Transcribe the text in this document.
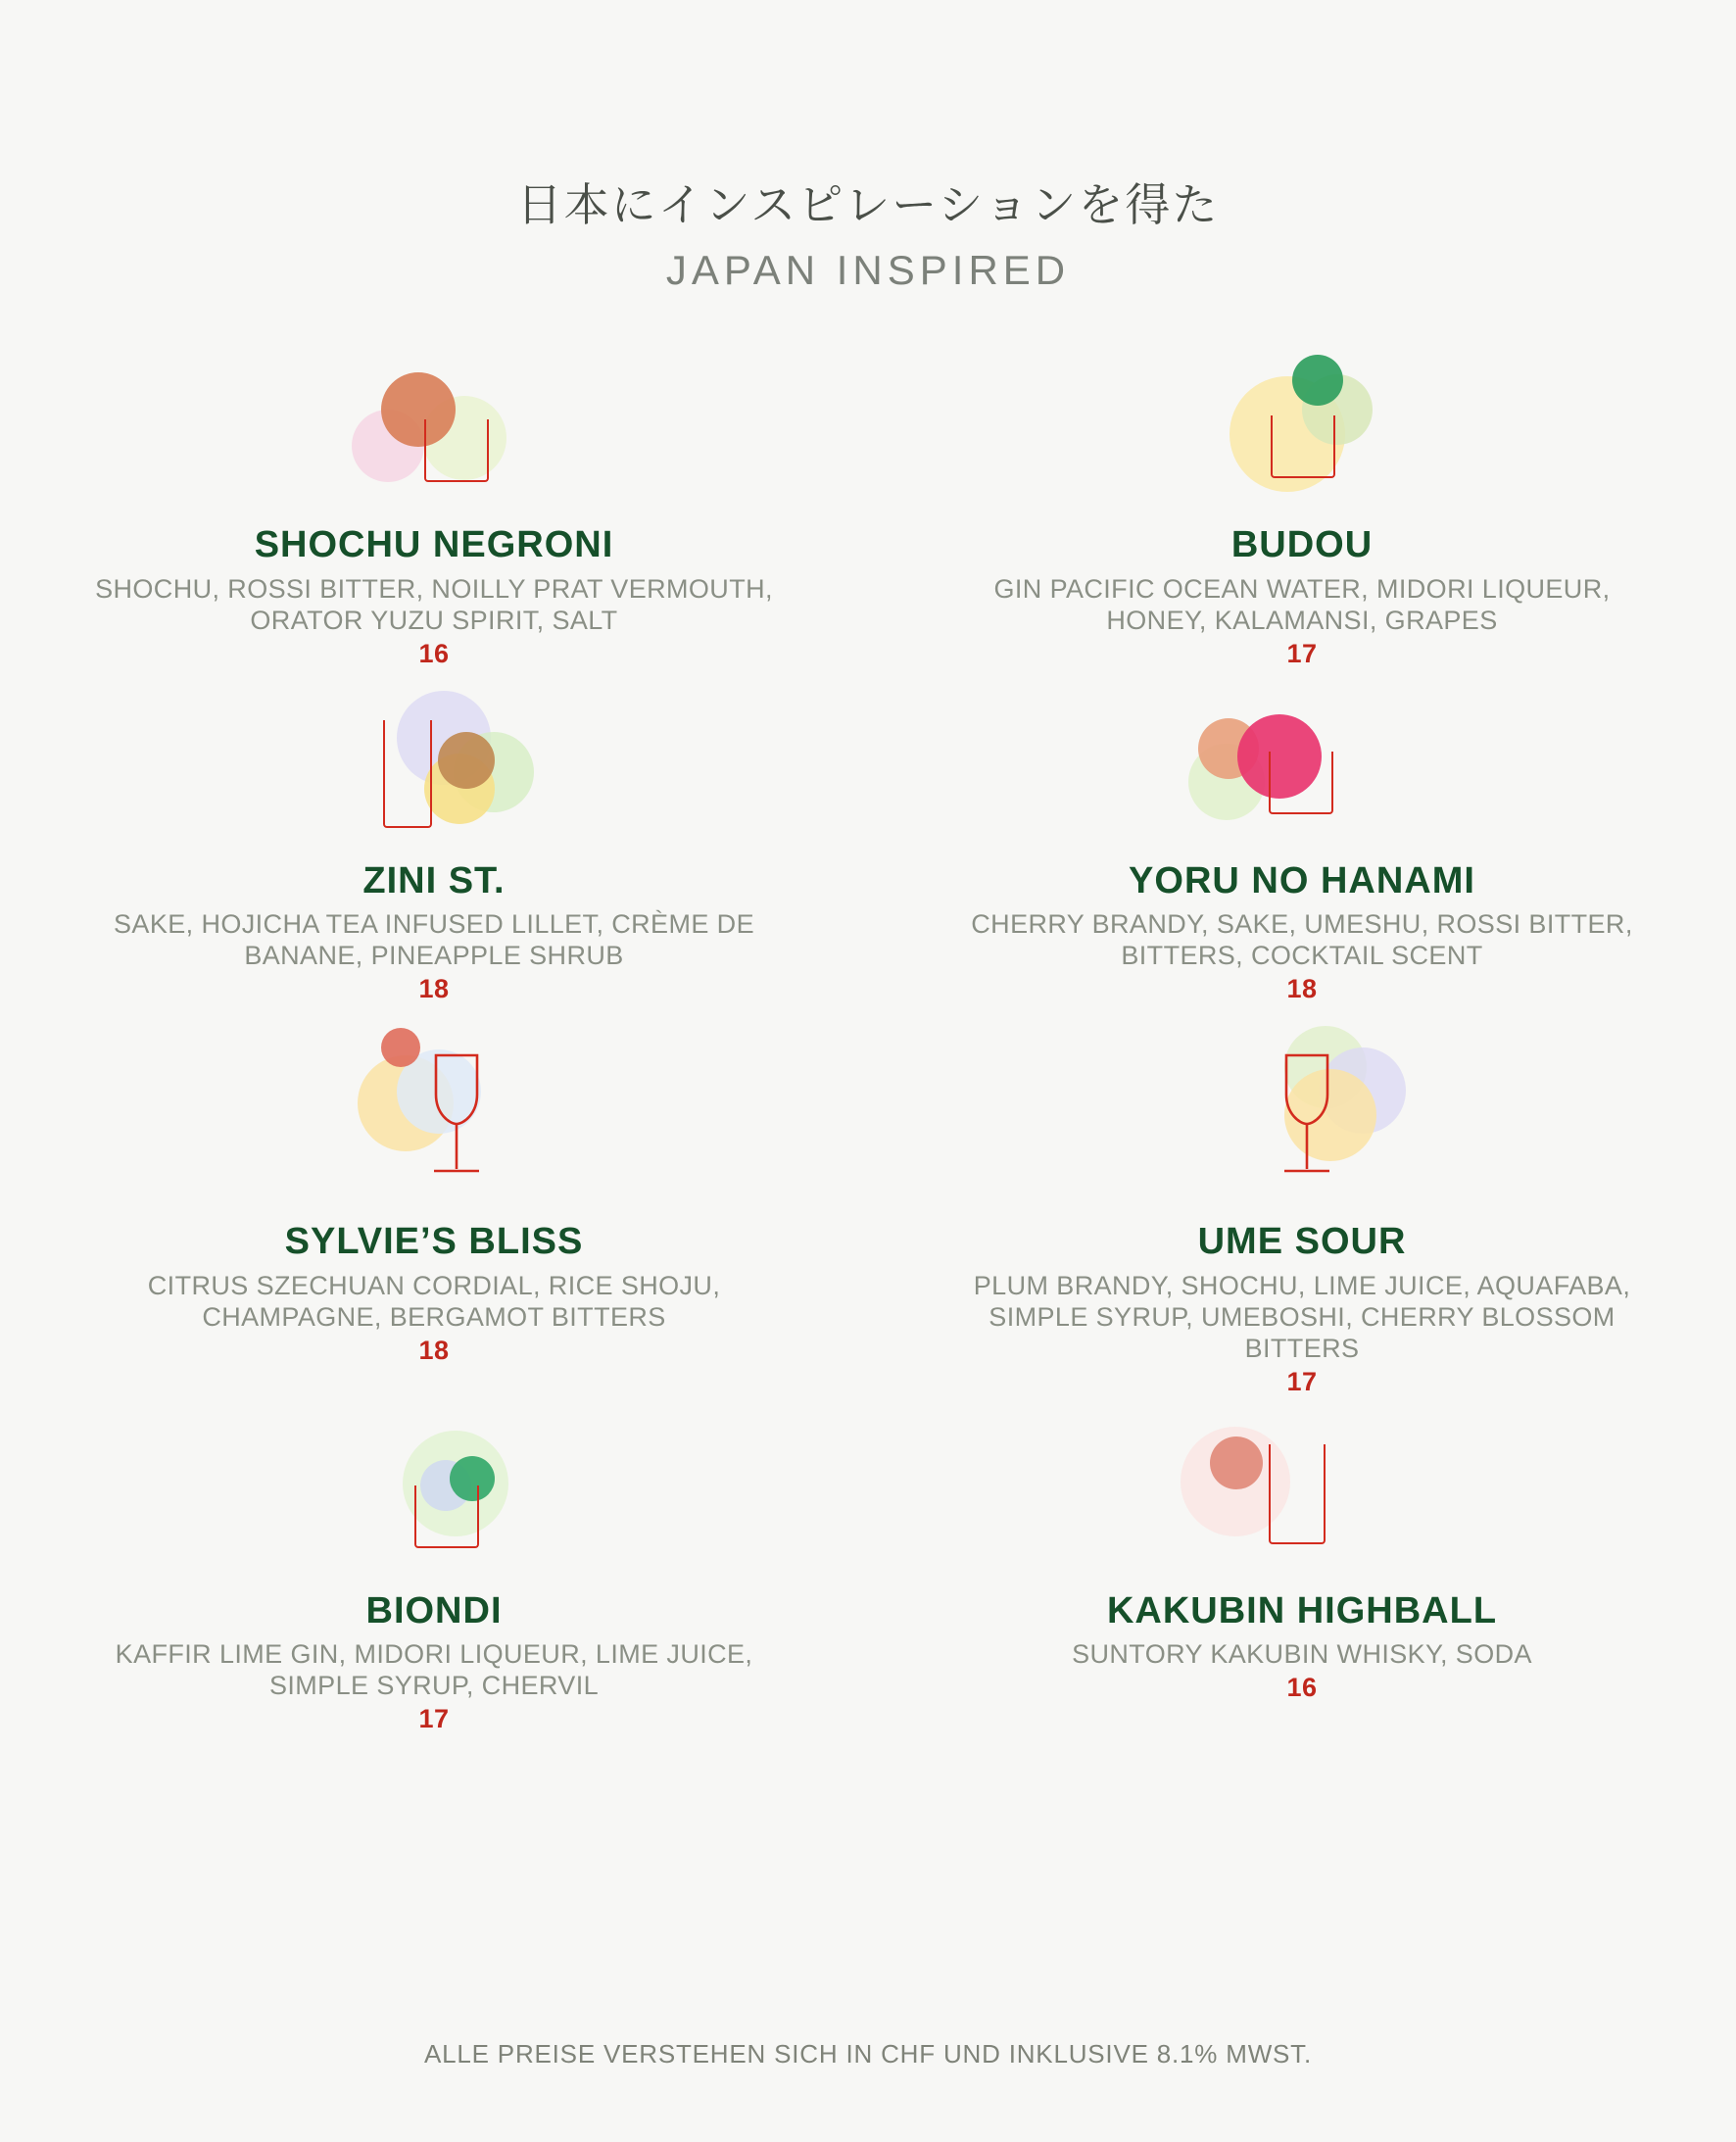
日本にインスピレーションを得た
JAPAN INSPIRED
SHOCHU NEGRONI
SHOCHU, ROSSI BITTER, NOILLY PRAT VERMOUTH, ORATOR YUZU SPIRIT, SALT
16
BUDOU
GIN PACIFIC OCEAN WATER, MIDORI LIQUEUR, HONEY, KALAMANSI, GRAPES
17
ZINI ST.
SAKE, HOJICHA TEA INFUSED LILLET, CRÈME DE BANANE, PINEAPPLE SHRUB
18
YORU NO HANAMI
CHERRY BRANDY, SAKE, UMESHU, ROSSI BITTER, BITTERS, COCKTAIL SCENT
18
SYLVIE’S BLISS
CITRUS SZECHUAN CORDIAL, RICE SHOJU, CHAMPAGNE, BERGAMOT BITTERS
18
UME SOUR
PLUM BRANDY, SHOCHU, LIME JUICE, AQUAFABA, SIMPLE SYRUP, UMEBOSHI, CHERRY BLOSSOM BITTERS
17
BIONDI
KAFFIR LIME GIN, MIDORI LIQUEUR, LIME JUICE, SIMPLE SYRUP, CHERVIL
17
KAKUBIN HIGHBALL
SUNTORY KAKUBIN WHISKY, SODA
16
ALLE PREISE VERSTEHEN SICH IN CHF UND INKLUSIVE 8.1% MWST.
